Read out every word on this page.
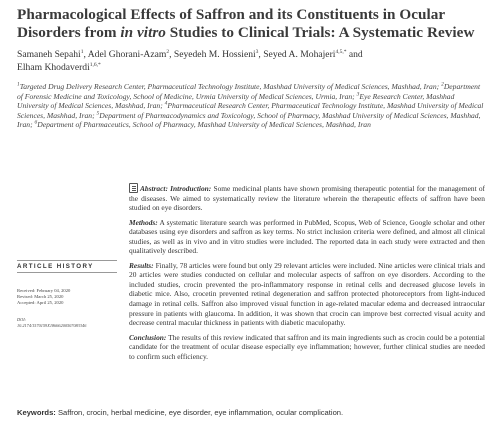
Pharmacological Effects of Saffron and its Constituents in Ocular Disorders from in vitro Studies to Clinical Trials: A Systematic Review
Samaneh Sepahi$^1$, Adel Ghorani-Azam$^2$, Seyedeh M. Hossieni$^3$, Seyed A. Mohajeri$^{4,5,*}$ and
Elham Khodaverdi$^{1,6,*}$
$^1$Targeted Drug Delivery Research Center, Pharmaceutical Technology Institute, Mashhad University of Medical Sciences, Mashhad, Iran; $^2$Department of Forensic Medicine and Toxicology, School of Medicine, Urmia University of Medical Sciences, Urmia, Iran; $^3$Eye Research Center, Mashhad University of Medical Sciences, Mashhad, Iran; $^4$Pharmaceutical Research Center, Pharmaceutical Technology Institute, Mashhad University of Medical Sciences, Mashhad, Iran; $^5$Department of Pharmacodynamics and Toxicology, School of Pharmacy, Mashhad University of Medical Sciences, Mashhad, Iran; $^6$Department of Pharmaceutics, School of Pharmacy, Mashhad University of Medical Sciences, Mashhad, Iran
ARTICLE HISTORY
Received: February 04, 2020
Revised: March 25, 2020
Accepted: April 25, 2020
DOI:
10.2174/1570159X18666200507083346

Abstract: Introduction: Some medicinal plants have shown promising therapeutic potential for the management of the diseases. We aimed to systematically review the literature wherein the therapeutic effects of saffron have been studied on eye disorders.

Methods: A systematic literature search was performed in PubMed, Scopus, Web of Science, Google scholar and other databases using eye disorders and saffron as key terms. No strict inclusion criteria were defined, and almost all clinical studies, as well as in vivo and in vitro studies were included. The reported data in each study were extracted and then qualitatively described.

Results: Finally, 78 articles were found but only 29 relevant articles were included. Nine articles were clinical trials and 20 articles were studies conducted on cellular and molecular aspects of saffron on eye disorders. According to the included studies, crocin prevented the pro-inflammatory response in retinal cells and decreased glucose levels in diabetic mice. Also, crocetin prevented retinal degeneration and saffron protected photoreceptors from light-induced damage in retinal cells. Saffron also improved visual function in age-related macular edema and decreased intraocular pressure in patients with glaucoma. In addition, it was shown that crocin can improve best corrected visual acuity and decrease central macular thickness in patients with diabetic maculopathy.

Conclusion: The results of this review indicated that saffron and its main ingredients such as crocin could be a potential candidate for the treatment of ocular disease especially eye inflammation; however, further clinical studies are needed to confirm such efficiency.

Keywords: Saffron, crocin, herbal medicine, eye disorder, eye inflammation, ocular complication.
